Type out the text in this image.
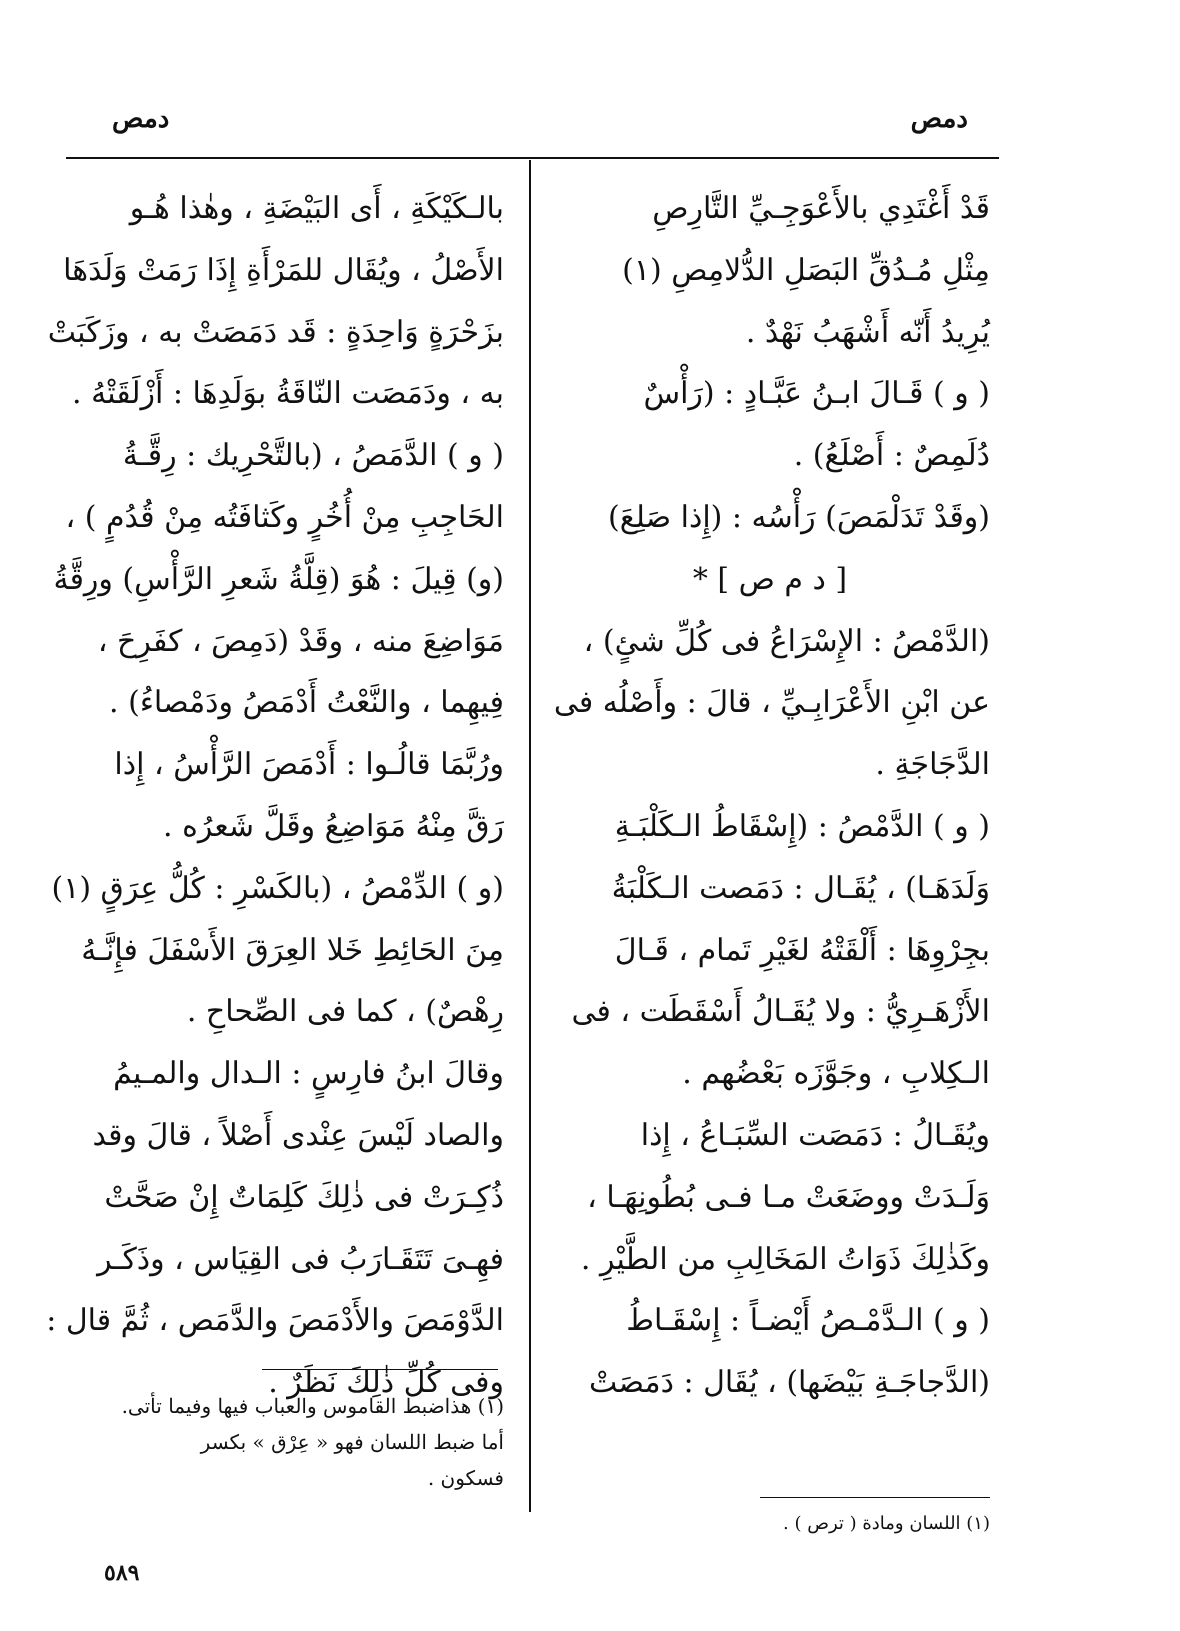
دمص
دمص
قَدْ أَغْتَدِي بالأَعْوَجِـيِّ التَّارِصِ
مِثْلِ مُـدُقِّ البَصَلِ الدُّلامِصِ (١)
يُرِيدُ أَنّه أَشْهَبُ نَهْدٌ .
( و ) قَـالَ ابـنُ عَبَّـادٍ : (رَأْسٌ
دُلَمِصٌ : أَصْلَعُ) .
(وقَدْ تَدَلْمَصَ) رَأْسُه : (إِذا صَلِعَ)
[ د م ص ] *
(الدَّمْصُ : الإِسْرَاعُ فى كُلِّ شئٍ) ،
عن ابْنِ الأَعْرَابِـيِّ ، قالَ : وأَصْلُه فى
الدَّجَاجَةِ .
( و ) الدَّمْصُ : (إِسْقَاطُ الـكَلْبَـةِ
وَلَدَهَـا) ، يُقَـال : دَمَصت الـكَلْبَةُ
بجِرْوِهَا : أَلْقَتْهُ لغَيْرِ تَمام ، قَـالَ
الأَزْهَـرِيُّ : ولا يُقَـالُ أَسْقَطَت ، فى
الـكِلابِ ، وجَوَّزَه بَعْضُهم .
ويُقَـالُ : دَمَصَت السِّبَـاعُ ، إِذا
وَلَـدَتْ ووضَعَتْ مـا فـى بُطُونِهَـا ،
وكَذٰلِكَ ذَوَاتُ المَخَالِبِ من الطَّيْرِ .
( و ) الـدَّمْـصُ أَيْضـاً : إِسْقَـاطُ
(الدَّجاجَـةِ بَيْضَها) ، يُقَال : دَمَصَتْ
بالـكَيْكَةِ ، أَى البَيْضَةِ ، وهٰذا هُـو
الأَصْلُ ، ويُقَال للمَرْأَةِ إِذَا رَمَتْ وَلَدَهَا
بزَحْرَةٍ وَاحِدَةٍ : قَد دَمَصَتْ به ، وزَكَبَتْ
به ، ودَمَصَت النّاقَةُ بوَلَدِهَا : أَزْلَقَتْهُ .
( و ) الدَّمَصُ ، (بالتَّحْرِيك : رِقَّـةُ
الحَاجِبِ مِنْ أُخُرٍ وكَثافَتُه مِنْ قُدُمٍ ) ،
(و) قِيلَ : هُوَ (قِلَّةُ شَعرِ الرَّأْسِ) ورِقَّةُ
مَوَاضِعَ منه ، وقَدْ (دَمِصَ ، كفَرِحَ ،
فِيهِما ، والنَّعْتُ أَدْمَصُ ودَمْصاءُ) .
ورُبَّمَا قالُـوا : أَدْمَصَ الرَّأْسُ ، إِذا
رَقَّ مِنْهُ مَوَاضِعُ وقَلَّ شَعرُه .
(و ) الدِّمْصُ ، (بالكَسْرِ : كُلُّ عِرَقٍ (١)
مِنَ الحَائِطِ خَلا العِرَقَ الأَسْفَلَ فإِنَّـهُ
رِهْصٌ) ، كما فى الصِّحاحِ .
وقالَ ابنُ فارِسٍ : الـدال والمـيمُ
والصاد لَيْسَ عِنْدى أَصْلاً ، قالَ وقد
ذُكِـرَتْ فى ذٰلِكَ كَلِمَاتٌ إِنْ صَحَّتْ
فهِـىَ تَتَقَـارَبُ فى القِيَاس ، وذَكَـر
الدَّوْمَصَ والأَدْمَصَ والدَّمَص ، ثُمَّ قال :
وفى كُلِّ ذٰلِكَ نَظَرٌ .
(١) هذاضبط القاموس والعباب فيها وفيما تأتى.
أما ضبط اللسان فهو « عِرْق » بكسر
فسكون .
(١) اللسان ومادة ( ترص ) .
٥٨٩
